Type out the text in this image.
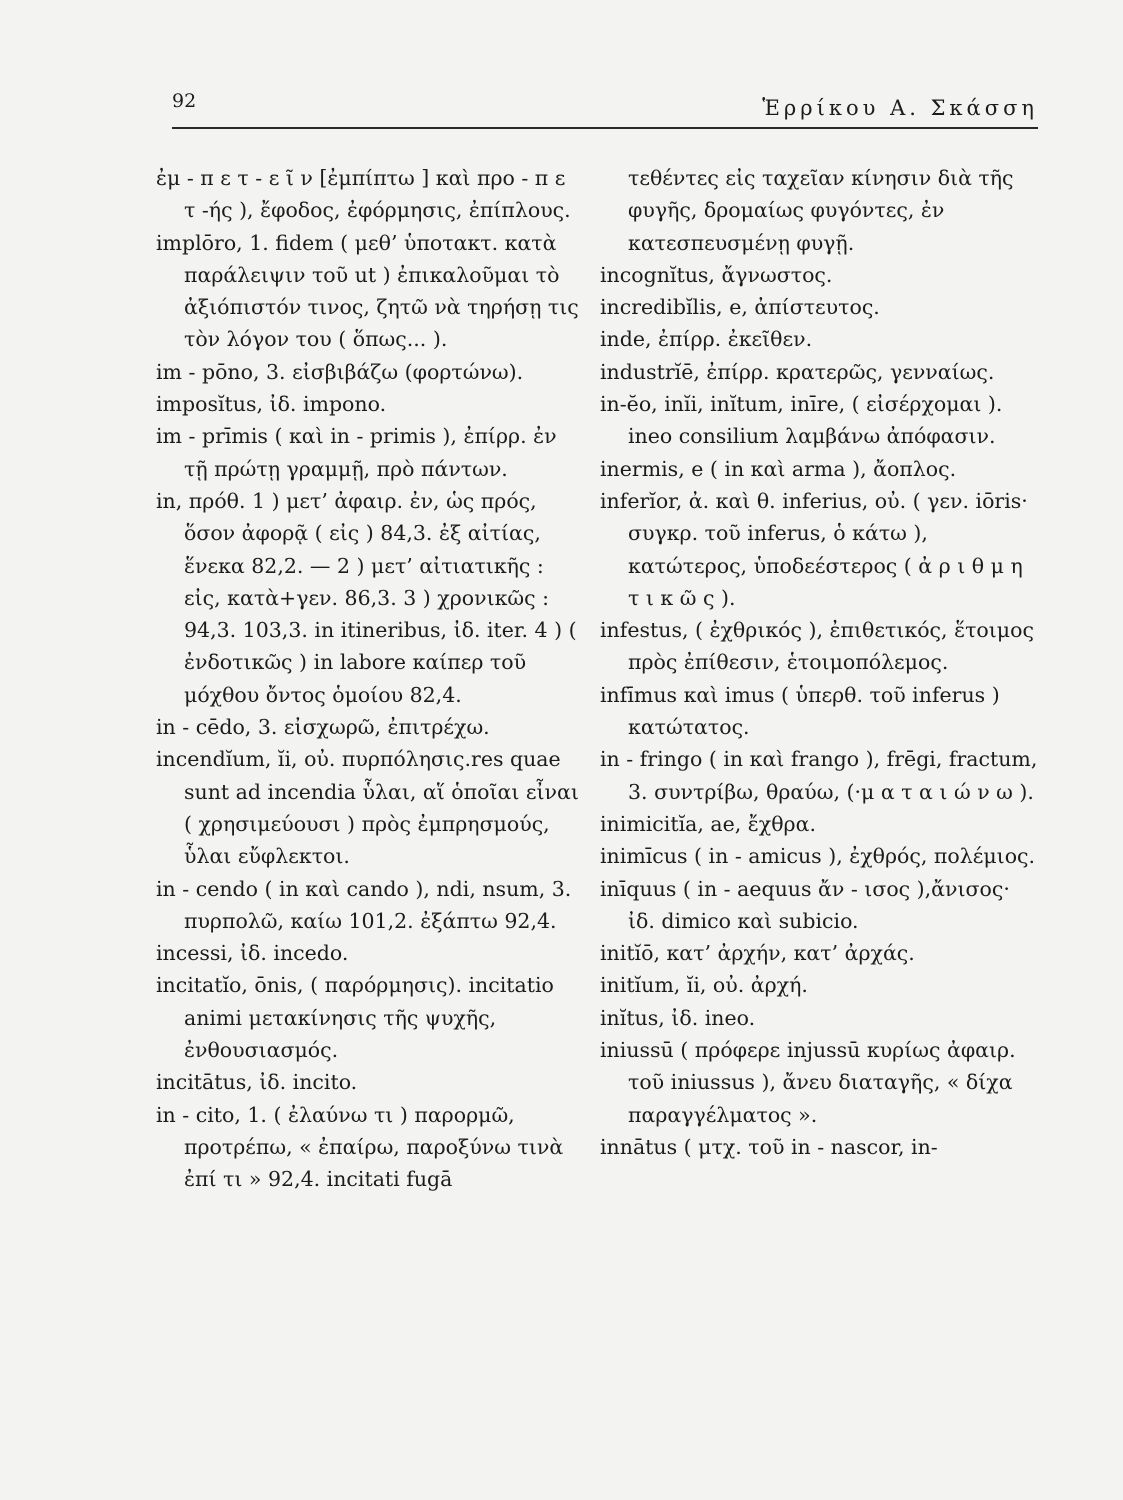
92	Ἑρρίκου Α. Σκάσση

ἐμ - π ε τ - ε ῖ ν [ἐμπίπτω ] καὶ προ - π ε τ -ής ), ἔφοδος, ἐφόρμησις, ἐπίπλους.

implōro, 1. fidem ( μεθ’ ὑποτακτ. κατὰ παράλειψιν τοῦ ut ) ἐπικαλοῦμαι τὸ ἀξιόπιστόν τινος, ζητῶ νὰ τηρήσῃ τις τὸν λόγον του ( ὅπως... ).

im - pōno, 3. εἰσβιβάζω (φορτώνω).

imposĭtus, ἰδ. impono.

im - prīmis ( καὶ in - primis ), ἐπίρρ. ἐν τῇ πρώτῃ γραμμῇ, πρὸ πάντων.

in, πρόθ. 1 ) μετ’ ἀφαιρ. ἐν, ὡς πρός, ὅσον ἀφορᾷ ( εἰς ) 84,3. ἐξ αἰτίας, ἕνεκα 82,2. — 2 ) μετ’ αἰτιατικῆς : εἰς, κατὰ+γεν. 86,3. 3 ) χρονικῶς : 94,3. 103,3. in itineribus, ἰδ. iter. 4 ) ( ἐνδοτικῶς ) in labore καίπερ τοῦ μόχθου ὄντος ὁμοίου 82,4.

in - cēdo, 3. εἰσχωρῶ, ἐπιτρέχω.

incendĭum, ĭi, οὐ. πυρπόλησις.res quae sunt ad incendia ὗλαι, αἵ ὁποῖαι εἶναι ( χρησιμεύουσι ) πρὸς ἐμπρησμούς, ὗλαι εὔφλεκτοι.

in - cendo ( in καὶ cando ), ndi, nsum, 3. πυρπολῶ, καίω 101,2. ἐξάπτω 92,4.

incessi, ἰδ. incedo.

incitatĭo, ōnis, ( παρόρμησις). incitatio animi μετακίνησις τῆς ψυχῆς, ἐνθουσιασμός.

incitātus, ἰδ. incito.

in - cito, 1. ( ἐλαύνω τι ) παρορμῶ, προτρέπω, « ἐπαίρω, παροξύνω τινὰ ἐπί τι » 92,4. incitati fugā

τεθέντες εἰς ταχεῖαν κίνησιν διὰ τῆς φυγῆς, δρομαίως φυγόντες, ἐν κατεσπευσμένῃ φυγῇ.

incognĭtus, ἄγνωστος.

incredibĭlis, e, ἀπίστευτος.

inde, ἐπίρρ. ἐκεῖθεν.

industrĭē, ἐπίρρ. κρατερῶς, γενναίως.

in-ĕo, inĭi, inĭtum, inīre, ( εἰσέρχομαι ). ineo consilium λαμβάνω ἀπόφασιν.

inermis, e ( in καὶ arma ), ἄοπλος.

inferĭor, ἀ. καὶ θ. inferius, οὐ. ( γεν. iōris· συγκρ. τοῦ inferus, ὁ κάτω ), κατώτερος, ὑποδεέστερος ( ἀ ρ ι θ μ η τ ι κ ῶ ς ).

infestus, ( ἐχθρικός ), ἐπιθετικός, ἕτοιμος πρὸς ἐπίθεσιν, ἑτοιμοπόλεμος.

infīmus καὶ imus ( ὑπερθ. τοῦ inferus ) κατώτατος.

in - fringo ( in καὶ frango ), frēgi, fractum, 3. συντρίβω, θραύω, (·μ α τ α ι ώ ν ω ).

inimicitĭa, ae, ἔχθρα.

inimīcus ( in - amicus ), ἐχθρός, πολέμιος.

inīquus ( in - aequus ἄν - ισος ),ἄνισος· ἰδ. dimico καὶ subicio.

initĭō, κατ’ ἀρχήν, κατ’ ἀρχάς.

initĭum, ĭi, οὐ. ἀρχή.

inĭtus, ἰδ. ineo.

iniussū ( πρόφερε injussū κυρίως ἀφαιρ. τοῦ iniussus ), ἄνευ διαταγῆς, « δίχα παραγγέλματος ».

innātus ( μτχ. τοῦ in - nascor, in-
